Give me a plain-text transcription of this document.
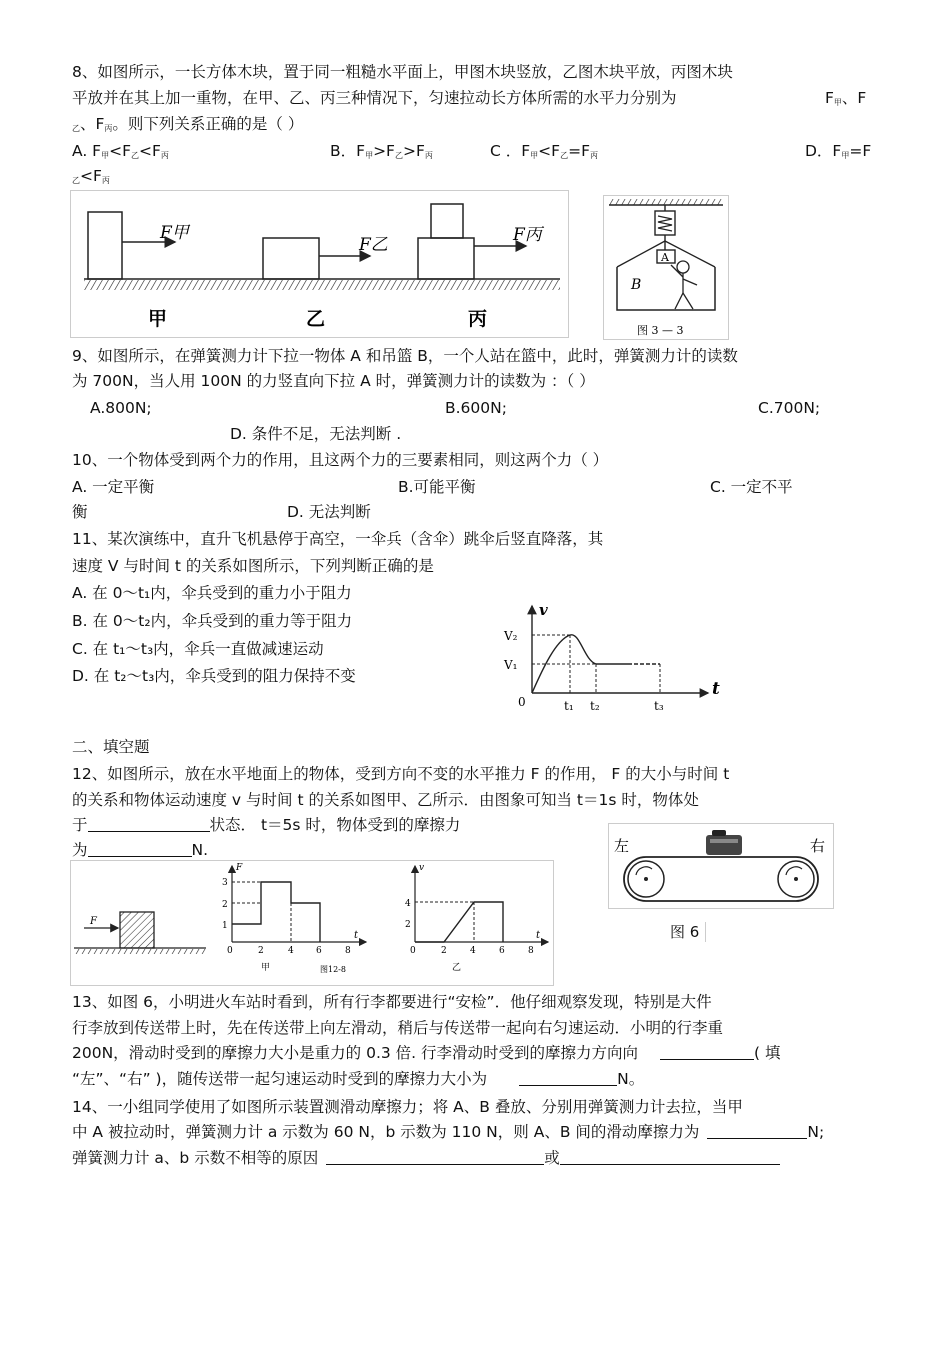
8、如图所示，一长方体木块，置于同一粗糙水平面上，甲图木块竖放，乙图木块平放，丙图木块
平放并在其上加一重物，在甲、乙、丙三种情况下，匀速拉动长方体所需的水平力分别为	$F_甲$、F
$_乙$、$F_丙$。则下列关系正确的是（ ）
A. $F_甲<F_乙<F_丙$	B．$F_甲>F_乙>F_丙$	C ．$F_甲<F_乙=F_丙$	D．$F_甲=F$
$_乙<F_丙$
F甲
F乙	F丙
甲	乙	丙
A
B
图 3 — 3
9、如图所示，在弹簧测力计下拉一物体 A 和吊篮 B，一个人站在篮中，此时，弹簧测力计的读数
为 700N，当人用 100N 的力竖直向下拉 A 时，弹簧测力计的读数为 ：（ ）
A.800N;	B.600N;	C.700N;
D. 条件不足，无法判断 .
10、一个物体受到两个力的作用，且这两个力的三要素相同，则这两个力（ ）
A. 一定平衡	B.可能平衡	C. 一定不平
衡	D. 无法判断
11、某次演练中，直升飞机悬停于高空，一伞兵（含伞）跳伞后竖直降落，其
速度 V 与时间 t 的关系如图所示，下列判断正确的是
A. 在 0～t₁内，伞兵受到的重力小于阻力
B. 在 0～t₂内，伞兵受到的重力等于阻力
C. 在 t₁～t₃内，伞兵一直做减速运动
D. 在 t₂～t₃内，伞兵受到的阻力保持不变
v
t
0
V₂
V₁
t₁ t₂	t₃
二、填空题
12、如图所示，放在水平地面上的物体，受到方向不变的水平推力 F 的作用， F 的大小与时间 t
的关系和物体运动速度 v 与时间 t 的关系如图甲、乙所示．由图象可知当 t＝1s 时，物体处
于	状态． t＝5s 时，物体受到的摩擦力
为	N.
F
F
t
1
2
3
0	2	4 6	8
甲	图12-8
v
t
2
4
0	2	4	6	8
乙
左	右
图 6
13、如图 6，小明进火车站时看到，所有行李都要进行“安检”．他仔细观察发现，特别是大件
行李放到传送带上时，先在传送带上向左滑动，稍后与传送带一起向右匀速运动．小明的行李重
200N，滑动时受到的摩擦力大小是重力的 0.3 倍. 行李滑动时受到的摩擦力方向向	( 填
“左”、“右” )，随传送带一起匀速运动时受到的摩擦力大小为	N。
14、一小组同学使用了如图所示装置测滑动摩擦力；将 A、B 叠放、分别用弹簧测力计去拉，当甲
中 A 被拉动时，弹簧测力计 a 示数为 60 N，b 示数为 110 N，则 A、B 间的滑动摩擦力为	N;
弹簧测力计 a、b 示数不相等的原因	或
